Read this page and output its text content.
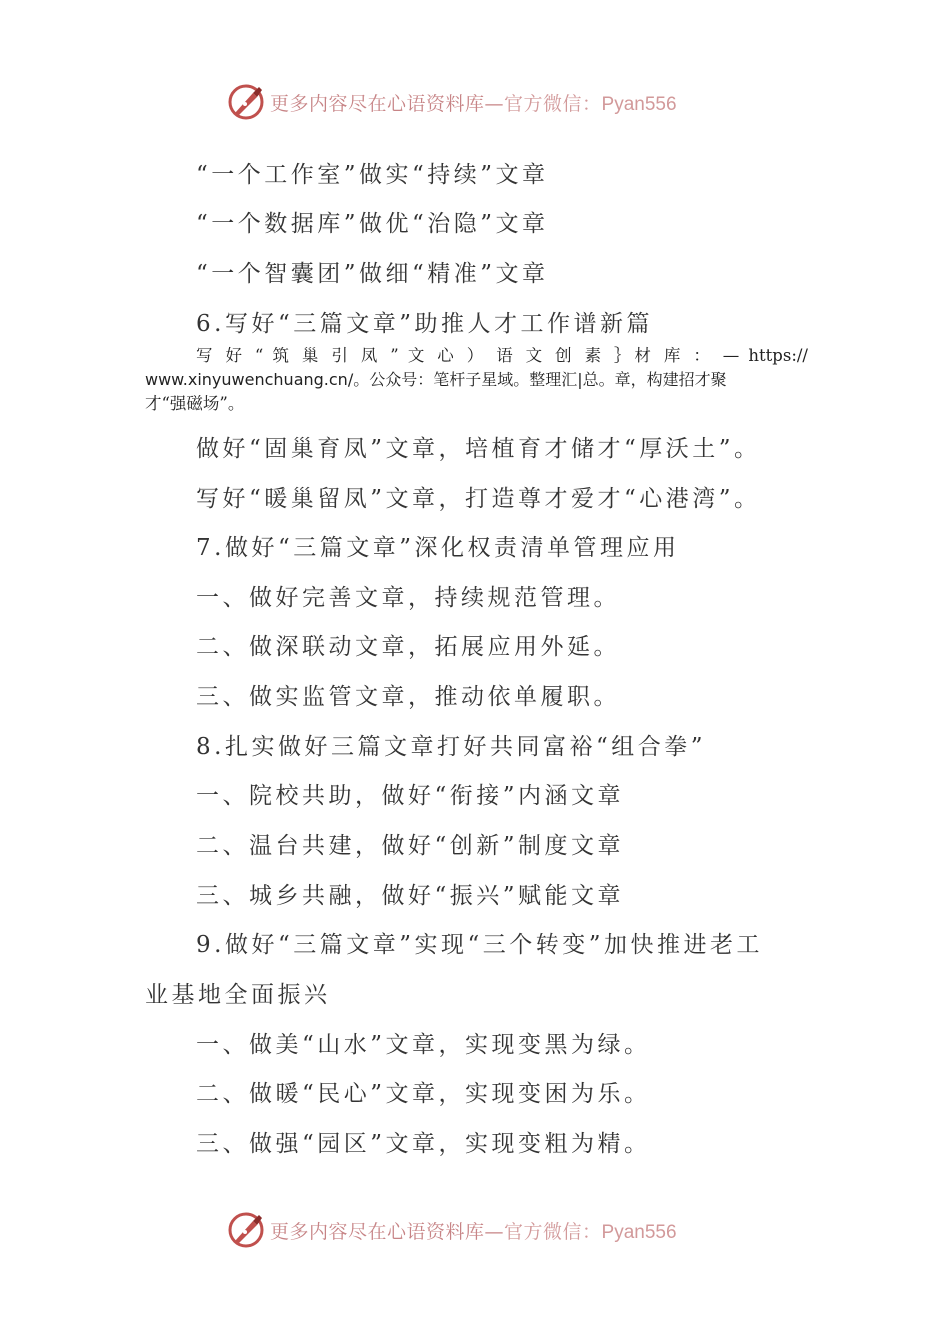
更多内容尽在心语资料库—官方微信：Pyan556
“一个工作室”做实“持续”文章
“一个数据库”做优“治隐”文章
“一个智囊团”做细“精准”文章
6.写好“三篇文章”助推人才工作谱新篇
写 好 “ 筑 巢 引 凤 ” 文 心 ） 语 文 创 素 ｝材 库 ： — https://
www.xinyuwenchuang.cn/。公众号：笔杆子星域。整理汇|总。章，构建招才聚
才“强磁场”。
做好“固巢育凤”文章，培植育才储才“厚沃土”。
写好“暖巢留凤”文章，打造尊才爱才“心港湾”。
7.做好“三篇文章”深化权责清单管理应用
一、做好完善文章，持续规范管理。
二、做深联动文章，拓展应用外延。
三、做实监管文章，推动依单履职。
8.扎实做好三篇文章打好共同富裕“组合拳”
一、院校共助，做好“衔接”内涵文章
二、温台共建，做好“创新”制度文章
三、城乡共融，做好“振兴”赋能文章
9.做好“三篇文章”实现“三个转变”加快推进老工
业基地全面振兴
一、做美“山水”文章，实现变黑为绿。
二、做暖“民心”文章，实现变困为乐。
三、做强“园区”文章，实现变粗为精。
更多内容尽在心语资料库—官方微信：Pyan556
